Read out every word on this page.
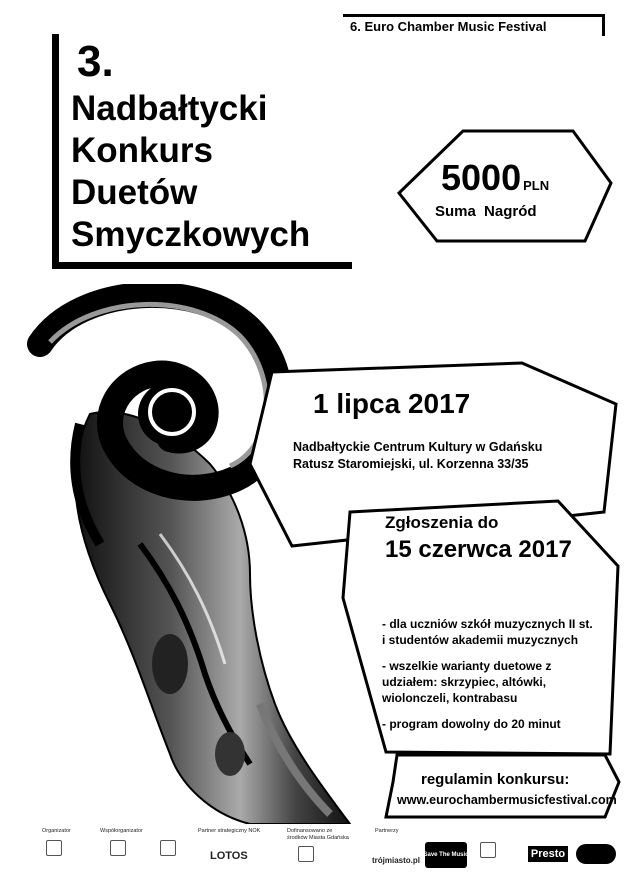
6. Euro Chamber Music Festival
3.
Nadbałtycki
Konkurs
Duetów
Smyczkowych
5000 PLN
Suma Nagród
1 lipca 2017
Nadbałtyckie Centrum Kultury w Gdańsku
Ratusz Staromiejski, ul. Korzenna 33/35
Zgłoszenia do
15 czerwca 2017
- dla uczniów szkół muzycznych II st.
i studentów akademii muzycznych
- wszelkie warianty duetowe z
udziałem: skrzypiec, altówki,
wiolonczeli, kontrabasu
- program dowolny do 20 minut
regulamin konkursu:
www.eurochambermusicfestival.com
Organizator	Współorganizator	Partner strategiczny NOK
LOTOS
Dofinansowano ze
środków Miasta Gdańska
Partnerzy
trójmiasto.pl
Save The Music	Presto
